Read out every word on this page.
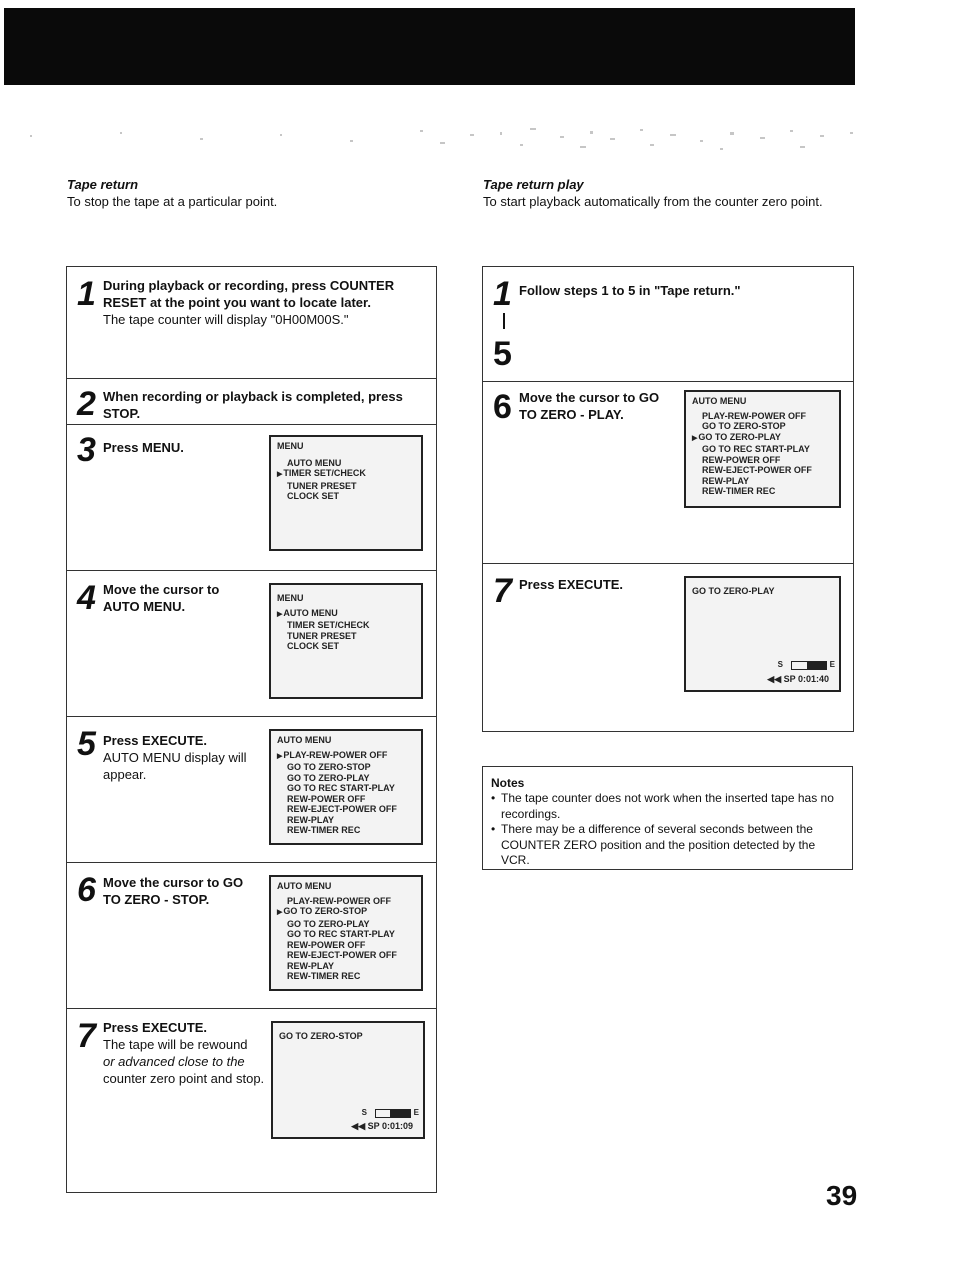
Tape return
To stop the tape at a particular point.
Tape return play
To start playback automatically from the counter zero point.
1 During playback or recording, press COUNTER RESET at the point you want to locate later.
The tape counter will display "0H00M00S."
2 When recording or playback is completed, press STOP.
3 Press MENU.	MENU
AUTO MENU
▶ TIMER SET/CHECK
TUNER PRESET
CLOCK SET
4 Move the cursor to AUTO MENU.
MENU
▶ AUTO MENU
TIMER SET/CHECK
TUNER PRESET
CLOCK SET
5 Press EXECUTE.
AUTO MENU display will appear.
AUTO MENU
▶ PLAY-REW-POWER OFF
GO TO ZERO-STOP
GO TO ZERO-PLAY
GO TO REC START-PLAY
REW-POWER OFF
REW-EJECT-POWER OFF
REW-PLAY
REW-TIMER REC
6 Move the cursor to GO TO ZERO - STOP.
AUTO MENU
PLAY-REW-POWER OFF
▶ GO TO ZERO-STOP
GO TO ZERO-PLAY
GO TO REC START-PLAY
REW-POWER OFF
REW-EJECT-POWER OFF
REW-PLAY
REW-TIMER REC
7 Press EXECUTE.
The tape will be rewound
or advanced close to the
counter zero point and stop.
GO TO ZERO-STOP
S	E
◀◀ SP 0:01:09
1
5
Follow steps 1 to 5 in "Tape return."
6 Move the cursor to GO TO ZERO - PLAY.
AUTO MENU
PLAY-REW-POWER OFF
GO TO ZERO-STOP
▶ GO TO ZERO-PLAY
GO TO REC START-PLAY
REW-POWER OFF
REW-EJECT-POWER OFF
REW-PLAY
REW-TIMER REC
7 Press EXECUTE.	GO TO ZERO-PLAY
S	E
◀◀ SP 0:01:40
Notes
• The tape counter does not work when the inserted tape has no recordings.
• There may be a difference of several seconds between the COUNTER ZERO position and the position detected by the VCR.
39
